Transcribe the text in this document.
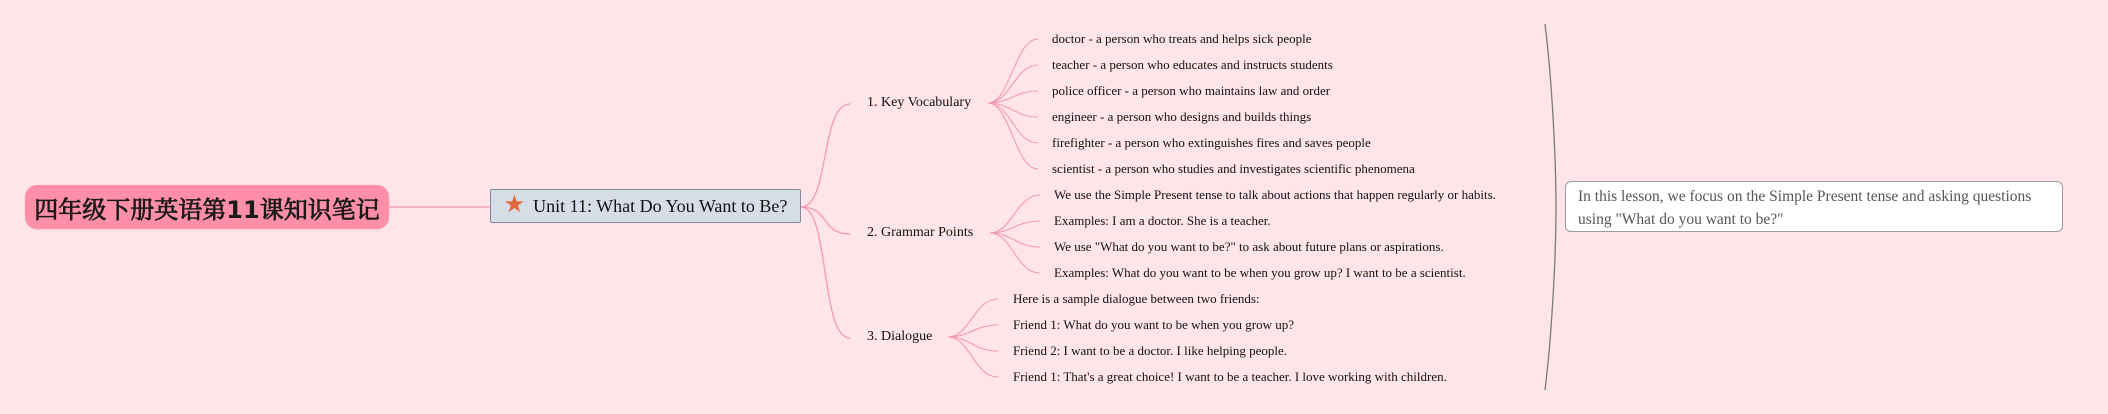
四年级下册英语第11课知识笔记	★ Unit 11: What Do You Want to Be?
1. Key Vocabulary
2. Grammar Points
3. Dialogue
doctor - a person who treats and helps sick people
teacher - a person who educates and instructs students
police officer - a person who maintains law and order
engineer - a person who designs and builds things
firefighter - a person who extinguishes fires and saves people
scientist - a person who studies and investigates scientific phenomena
We use the Simple Present tense to talk about actions that happen regularly or habits.
Examples: I am a doctor. She is a teacher.
We use "What do you want to be?" to ask about future plans or aspirations.
Examples: What do you want to be when you grow up? I want to be a scientist.
Here is a sample dialogue between two friends:
Friend 1: What do you want to be when you grow up?
Friend 2: I want to be a doctor. I like helping people.
Friend 1: That's a great choice! I want to be a teacher. I love working with children.
In this lesson, we focus on the Simple Present tense and asking questions
using "What do you want to be?"
